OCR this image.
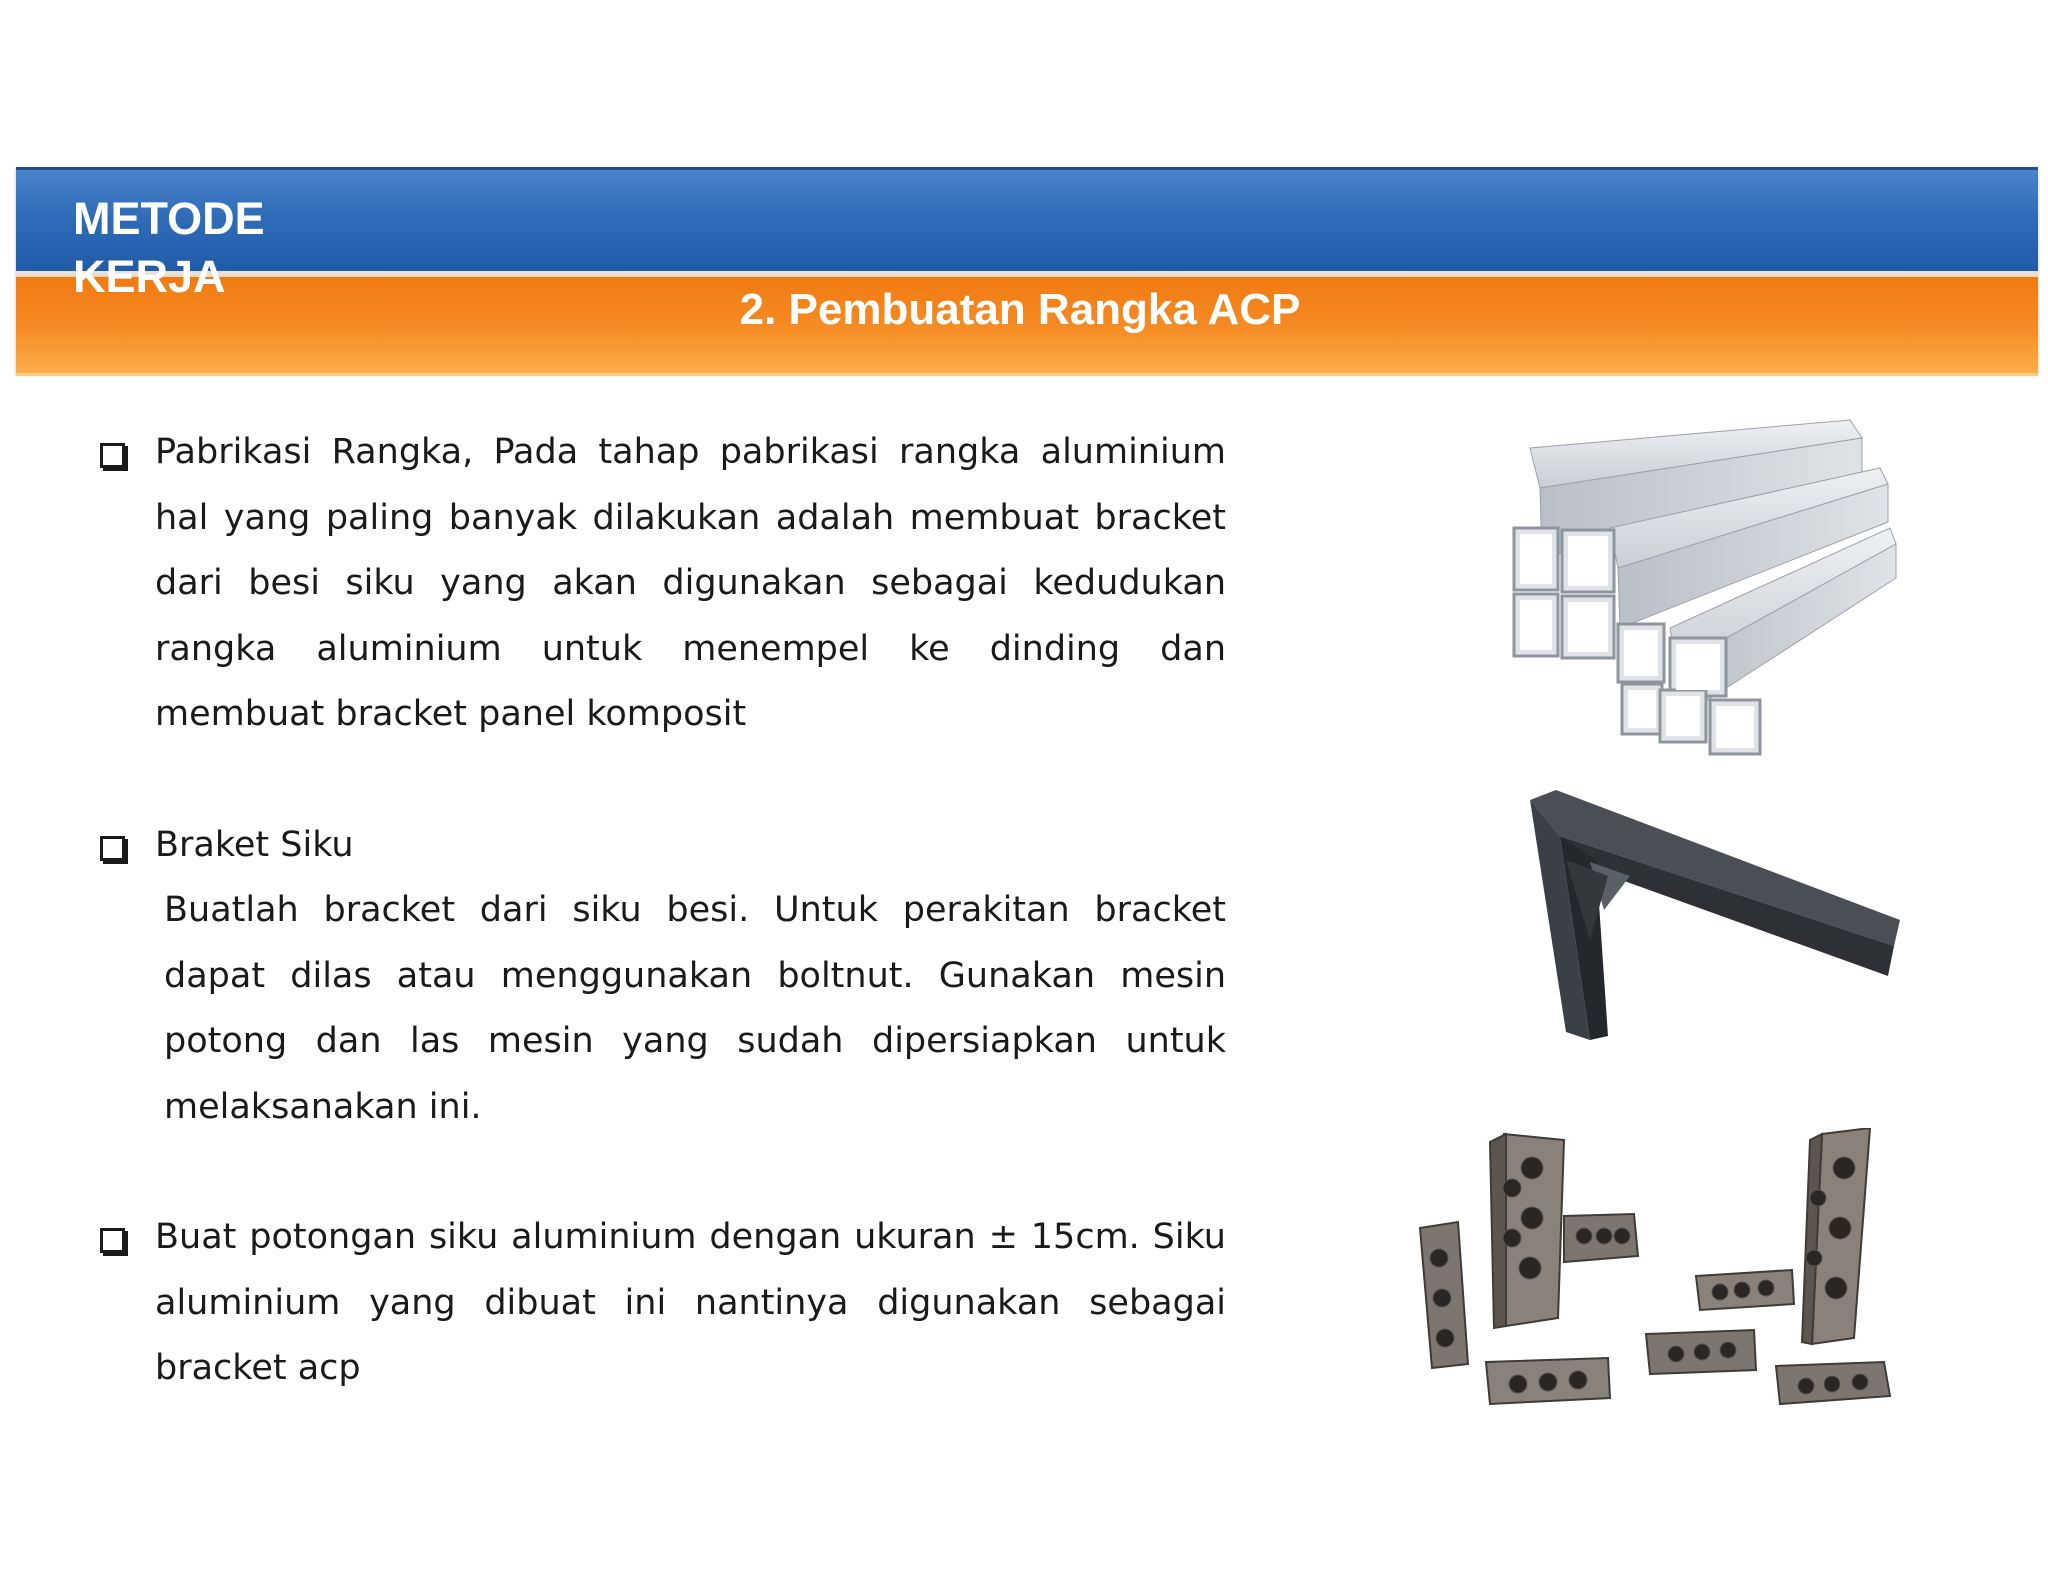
METODE KERJA
2. Pembuatan Rangka ACP

Pabrikasi Rangka, Pada tahap pabrikasi rangka aluminium hal yang paling banyak dilakukan adalah membuat bracket dari besi siku yang akan digunakan sebagai kedudukan rangka aluminium untuk menempel ke dinding dan membuat bracket panel komposit

Braket Siku

Buatlah bracket dari siku besi. Untuk perakitan bracket dapat dilas atau menggunakan boltnut. Gunakan mesin potong dan las mesin yang sudah dipersiapkan untuk melaksanakan ini.

Buat potongan siku aluminium dengan ukuran ± 15cm. Siku aluminium yang dibuat ini nantinya digunakan sebagai bracket acp
